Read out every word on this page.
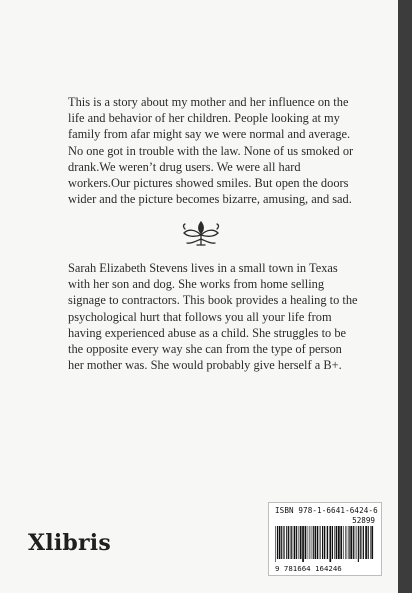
This is a story about my mother and her influence on the life and behavior of her children. People looking at my family from afar might say we were normal and average. No one got in trouble with the law. None of us smoked or drank.We weren’t drug users. We were all hard workers.Our pictures showed smiles. But open the doors wider and the picture becomes bizarre, amusing, and sad.

Sarah Elizabeth Stevens lives in a small town in Texas with her son and dog. She works from home selling signage to contractors. This book provides a healing to the psychological hurt that follows you all your life from having experienced abuse as a child. She struggles to be the opposite every way she can from the type of person her mother was. She would probably give herself a B+.

Xlibris
ISBN 978-1-6641-6424-6
52899
9 781664 164246
